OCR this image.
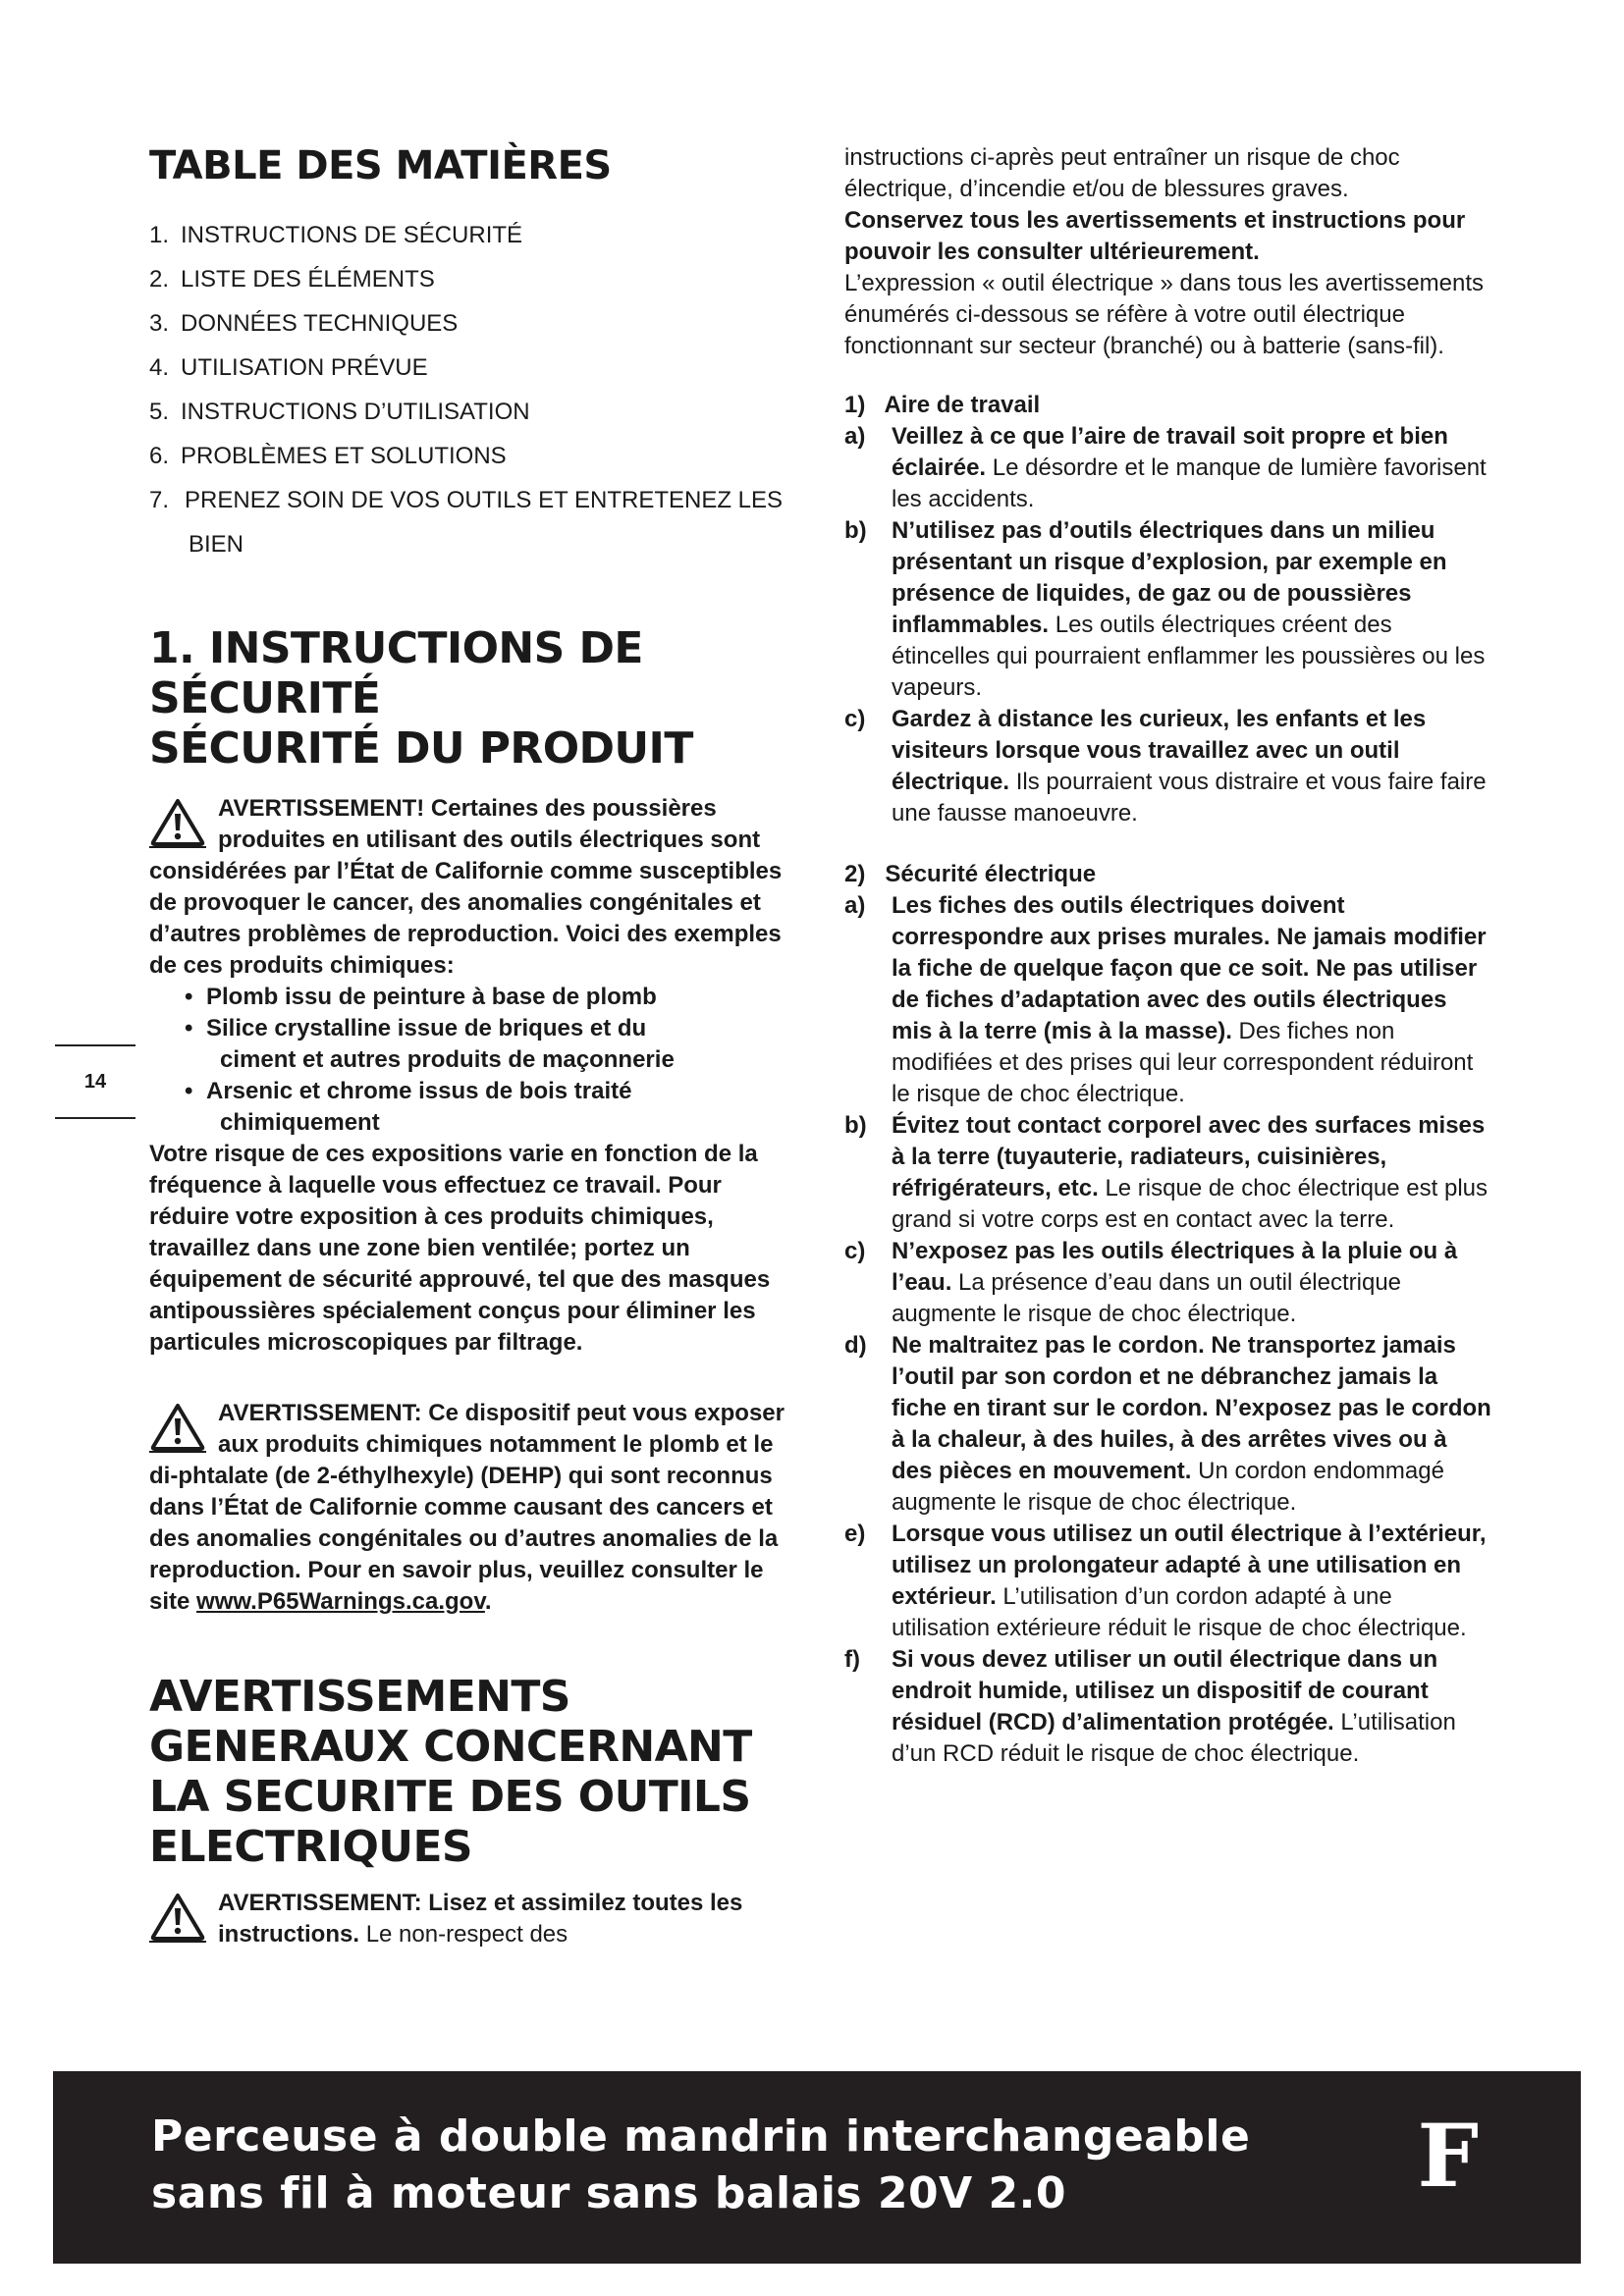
TABLE DES MATIÈRES
1. INSTRUCTIONS DE SÉCURITÉ
2. LISTE DES ÉLÉMENTS
3. DONNÉES TECHNIQUES
4. UTILISATION PRÉVUE
5. INSTRUCTIONS D’UTILISATION
6. PROBLÈMES ET SOLUTIONS
7. PRENEZ SOIN DE VOS OUTILS ET ENTRETENEZ LES BIEN
1. INSTRUCTIONS DE SÉCURITÉ
SÉCURITÉ DU PRODUIT
AVERTISSEMENT! Certaines des poussières produites en utilisant des outils électriques sont considérées par l’État de Californie comme susceptibles de provoquer le cancer, des anomalies congénitales et d’autres problèmes de reproduction. Voici des exemples de ces produits chimiques:
• Plomb issu de peinture à base de plomb
• Silice crystalline issue de briques et du
ciment et autres produits de maçonnerie
• Arsenic et chrome issus de bois traité
chimiquement
Votre risque de ces expositions varie en fonction de la fréquence à laquelle vous effectuez ce travail. Pour réduire votre exposition à ces produits chimiques, travaillez dans une zone bien ventilée; portez un équipement de sécurité approuvé, tel que des masques antipoussières spécialement conçus pour éliminer les particules microscopiques par filtrage.
AVERTISSEMENT: Ce dispositif peut vous exposer aux produits chimiques notamment le plomb et le di-phtalate (de 2-éthylhexyle) (DEHP) qui sont reconnus dans l’État de Californie comme causant des cancers et des anomalies congénitales ou d’autres anomalies de la reproduction. Pour en savoir plus, veuillez consulter le site www.P65Warnings.ca.gov.
AVERTISSEMENTS
GENERAUX CONCERNANT
LA SECURITE DES OUTILS
ELECTRIQUES
AVERTISSEMENT: Lisez et assimilez toutes les instructions. Le non-respect des
14
instructions ci-après peut entraîner un risque de choc électrique, d’incendie et/ou de blessures graves.
Conservez tous les avertissements et instructions pour pouvoir les consulter ultérieurement.
L’expression « outil électrique » dans tous les avertissements énumérés ci-dessous se réfère à votre outil électrique fonctionnant sur secteur (branché) ou à batterie (sans-fil).
1)   Aire de travail
a)	Veillez à ce que l’aire de travail soit propre et bien éclairée. Le désordre et le manque de lumière favorisent les accidents.
b)	N’utilisez pas d’outils électriques dans un milieu présentant un risque d’explosion, par exemple en présence de liquides, de gaz ou de poussières inflammables. Les outils électriques créent des étincelles qui pourraient enflammer les poussières ou les vapeurs.
c)	Gardez à distance les curieux, les enfants et les visiteurs lorsque vous travaillez avec un outil électrique. Ils pourraient vous distraire et vous faire faire une fausse manoeuvre.
2)   Sécurité électrique
a)	Les fiches des outils électriques doivent correspondre aux prises murales. Ne jamais modifier la fiche de quelque façon que ce soit. Ne pas utiliser de fiches d’adaptation avec des outils électriques mis à la terre (mis à la masse). Des fiches non modifiées et des prises qui leur correspondent réduiront le risque de choc électrique.
b)	Évitez tout contact corporel avec des surfaces mises à la terre (tuyauterie, radiateurs, cuisinières, réfrigérateurs, etc. Le risque de choc électrique est plus grand si votre corps est en contact avec la terre.
c)	N’exposez pas les outils électriques à la pluie ou à l’eau. La présence d’eau dans un outil électrique augmente le risque de choc électrique.
d)	Ne maltraitez pas le cordon. Ne transportez jamais l’outil par son cordon et ne débranchez jamais la fiche en tirant sur le cordon. N’exposez pas le cordon à la chaleur, à des huiles, à des arrêtes vives ou à des pièces en mouvement. Un cordon endommagé augmente le risque de choc électrique.
e)	Lorsque vous utilisez un outil électrique à l’extérieur, utilisez un prolongateur adapté à une utilisation en extérieur. L’utilisation d’un cordon adapté à une utilisation extérieure réduit le risque de choc électrique.
f)	Si vous devez utiliser un outil électrique dans un endroit humide, utilisez un dispositif de courant résiduel (RCD) d’alimentation protégée. L’utilisation d’un RCD réduit le risque de choc électrique.
Perceuse à double mandrin interchangeable
sans fil à moteur sans balais 20V 2.0	F
